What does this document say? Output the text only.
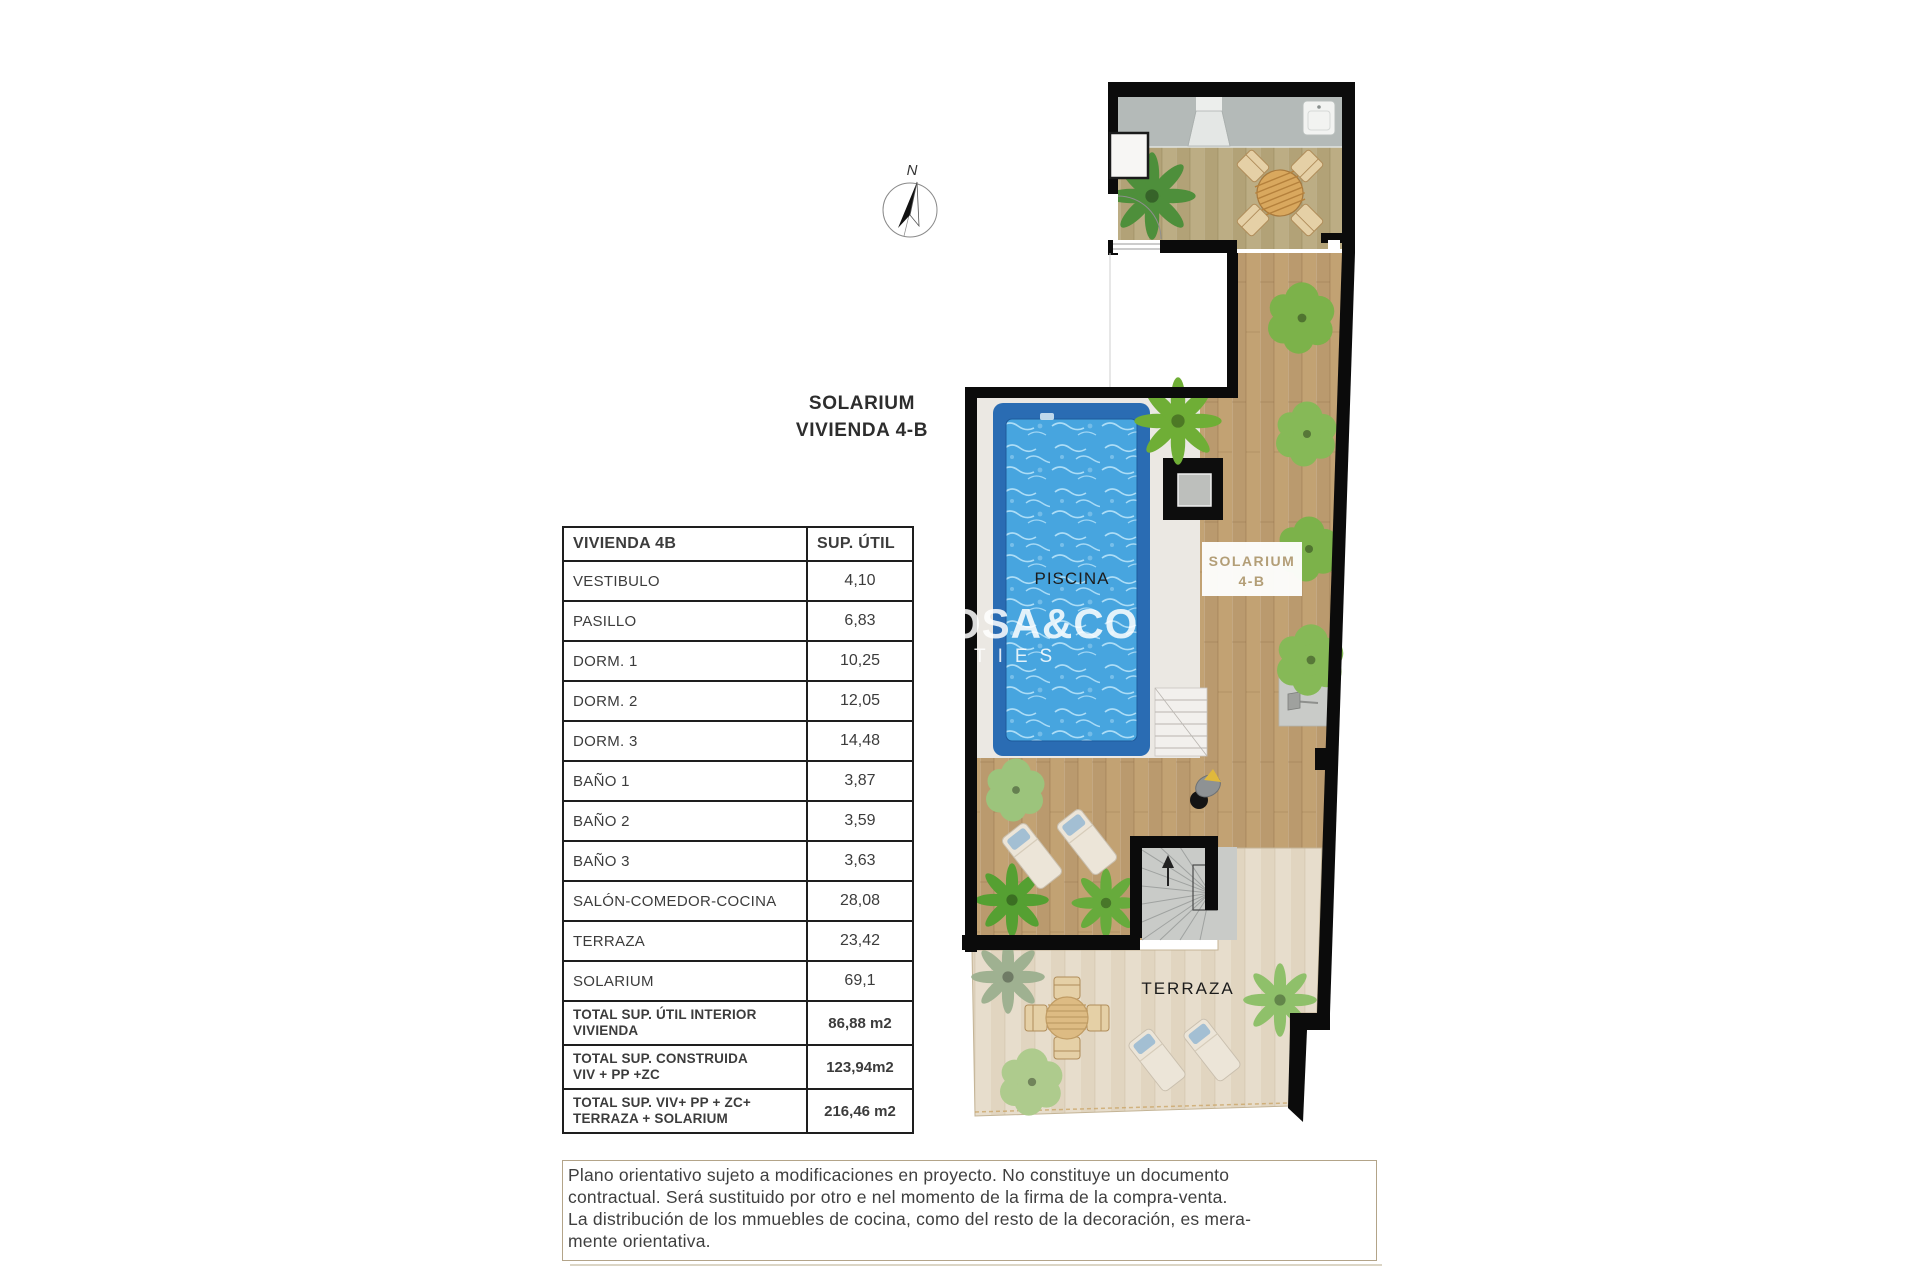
N
SOLARIUM
VIVIENDA 4-B
VIVIENDA 4B	SUP. ÚTIL
VESTIBULO	4,10
PASILLO	6,83
DORM. 1	10,25
DORM. 2	12,05
DORM. 3	14,48
BAÑO 1	3,87
BAÑO 2	3,59
BAÑO 3	3,63
SALÓN-COMEDOR-COCINA	28,08
TERRAZA	23,42
SOLARIUM	69,1

TOTAL SUP. ÚTIL INTERIOR
VIVIENDA	86,88 m2

TOTAL SUP. CONSTRUIDA
VIV + PP +ZC	123,94m2

TOTAL SUP. VIV+ PP + ZC+
TERRAZA + SOLARIUM	216,46 m2
PISCINA
SOLARIUM
4-B
TERRAZA
OSA&CO
TIES
Plano orientativo sujeto a modificaciones en proyecto. No constituye un documento
contractual. Será sustituido por otro e nel momento de la firma de la compra-venta.
La distribución de los mmuebles de cocina, como del resto de la decoración, es mera-
mente orientativa.
